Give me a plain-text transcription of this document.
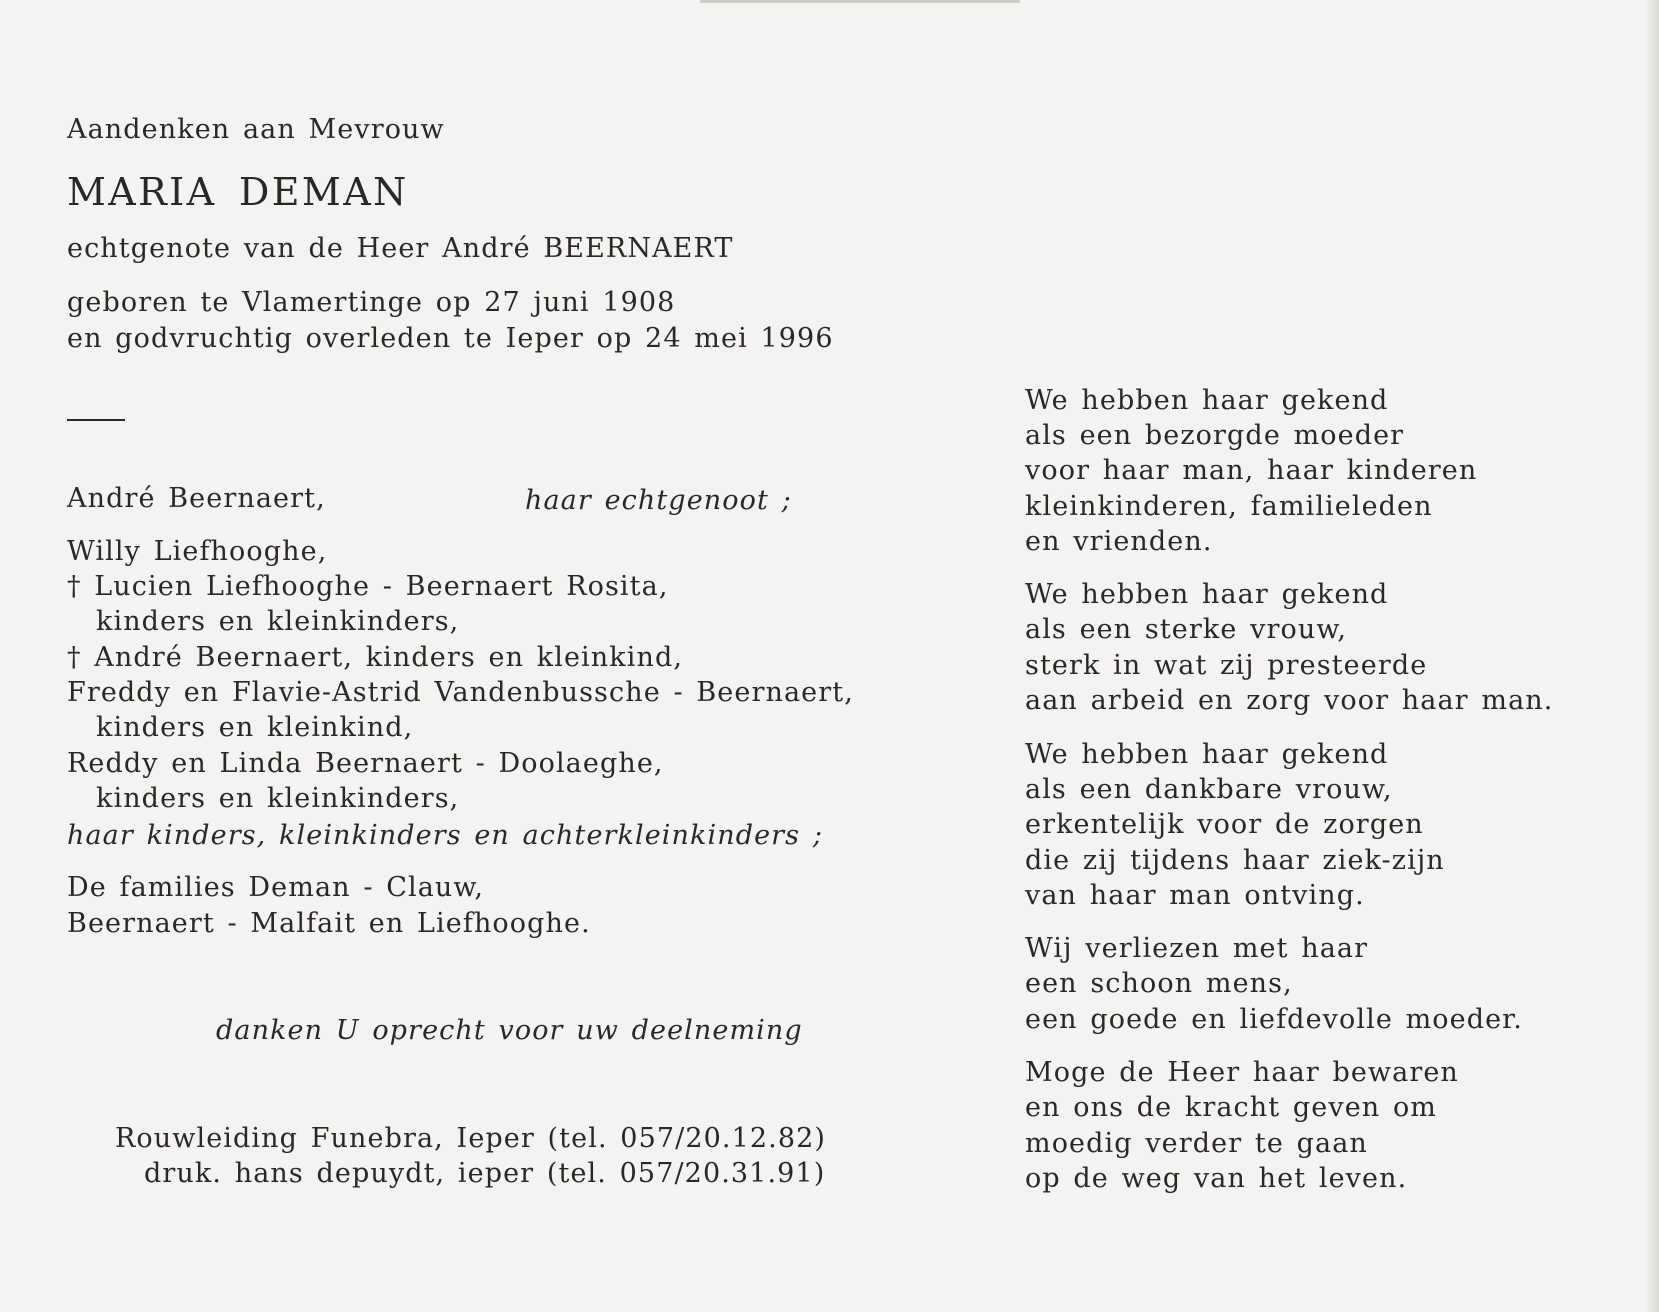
Aandenken aan Mevrouw
MARIA DEMAN
echtgenote van de Heer André BEERNAERT
geboren te Vlamertinge op 27 juni 1908
en godvruchtig overleden te Ieper op 24 mei 1996
André Beernaert,	haar echtgenoot ;
Willy Liefhooghe,
† Lucien Liefhooghe - Beernaert Rosita,
kinders en kleinkinders,
† André Beernaert, kinders en kleinkind,
Freddy en Flavie-Astrid Vandenbussche - Beernaert,
kinders en kleinkind,
Reddy en Linda Beernaert - Doolaeghe,
kinders en kleinkinders,
haar kinders, kleinkinders en achterkleinkinders ;
De families Deman - Clauw,
Beernaert - Malfait en Liefhooghe.
danken U oprecht voor uw deelneming
Rouwleiding Funebra, Ieper (tel. 057/20.12.82)
druk. hans depuydt, ieper (tel. 057/20.31.91)
We hebben haar gekend
als een bezorgde moeder
voor haar man, haar kinderen
kleinkinderen, familieleden
en vrienden.
We hebben haar gekend
als een sterke vrouw,
sterk in wat zij presteerde
aan arbeid en zorg voor haar man.
We hebben haar gekend
als een dankbare vrouw,
erkentelijk voor de zorgen
die zij tijdens haar ziek-zijn
van haar man ontving.
Wij verliezen met haar
een schoon mens,
een goede en liefdevolle moeder.
Moge de Heer haar bewaren
en ons de kracht geven om
moedig verder te gaan
op de weg van het leven.
